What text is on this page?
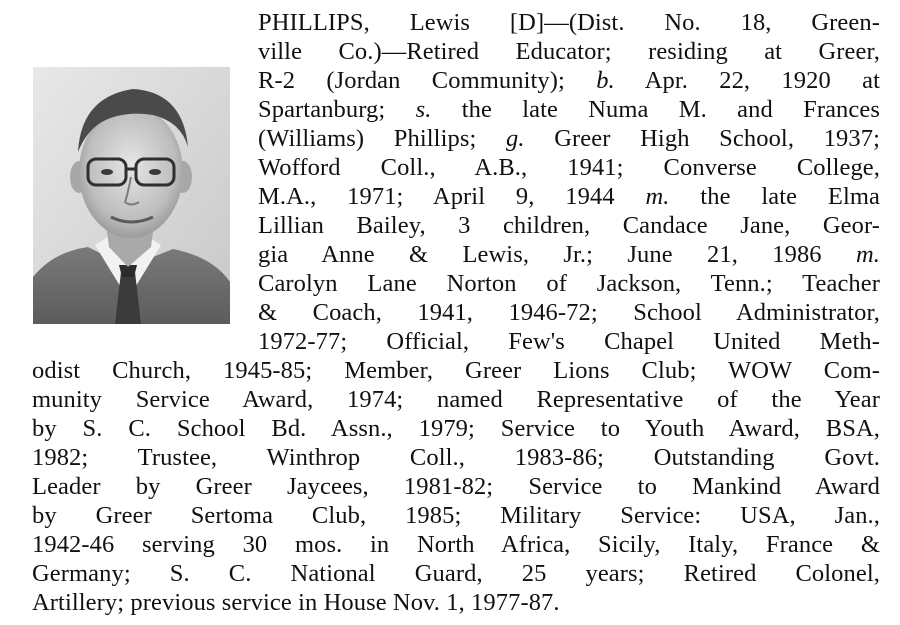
PHILLIPS, Lewis [D]—(Dist. No. 18, Green-
ville Co.)—Retired Educator; residing at Greer,
R-2 (Jordan Community); b. Apr. 22, 1920 at
Spartanburg; s. the late Numa M. and Frances
(Williams) Phillips; g. Greer High School, 1937;
Wofford Coll., A.B., 1941; Converse College,
M.A., 1971; April 9, 1944 m. the late Elma
Lillian Bailey, 3 children, Candace Jane, Geor-
gia Anne & Lewis, Jr.; June 21, 1986 m.
Carolyn Lane Norton of Jackson, Tenn.; Teacher
& Coach, 1941, 1946-72; School Administrator,
1972-77; Official, Few's Chapel United Meth-
odist Church, 1945-85; Member, Greer Lions Club; WOW Com-
munity Service Award, 1974; named Representative of the Year
by S. C. School Bd. Assn., 1979; Service to Youth Award, BSA,
1982; Trustee, Winthrop Coll., 1983-86; Outstanding Govt.
Leader by Greer Jaycees, 1981-82; Service to Mankind Award
by Greer Sertoma Club, 1985; Military Service: USA, Jan.,
1942-46 serving 30 mos. in North Africa, Sicily, Italy, France &
Germany; S. C. National Guard, 25 years; Retired Colonel,
Artillery; previous service in House Nov. 1, 1977-87.
